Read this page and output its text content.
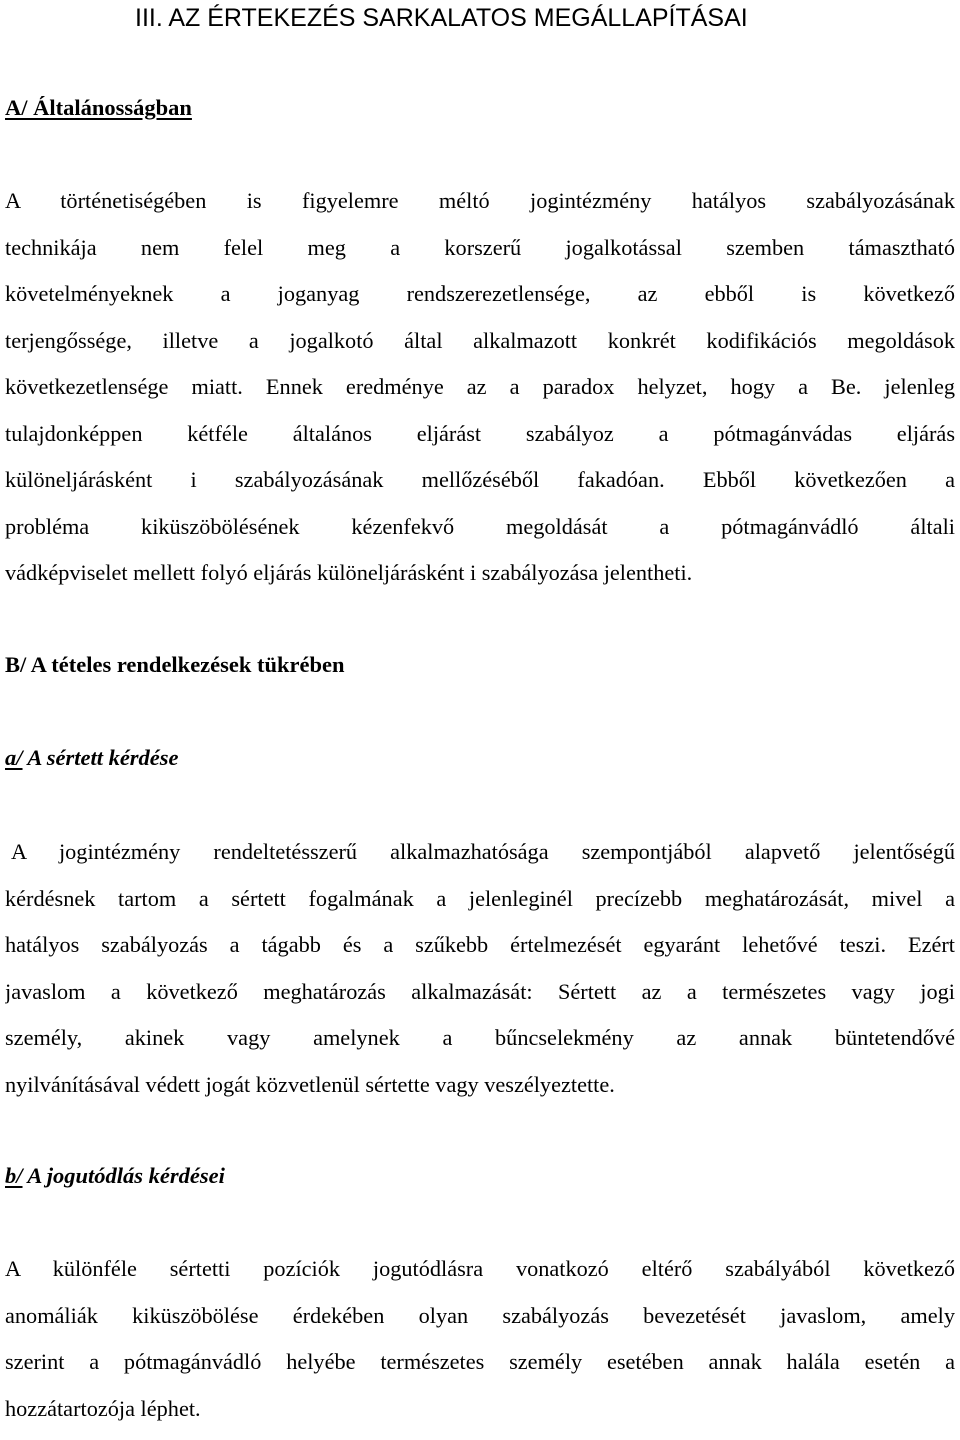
III. AZ ÉRTEKEZÉS SARKALATOS MEGÁLLAPÍTÁSAI
A/ Általánosságban
A történetiségében is figyelemre méltó jogintézmény hatályos szabályozásának
technikája nem felel meg a korszerű jogalkotással szemben támasztható
követelményeknek a joganyag rendszerezetlensége, az ebből is következő
terjengőssége, illetve a jogalkotó által alkalmazott konkrét kodifikációs megoldások
következetlensége miatt. Ennek eredménye az a paradox helyzet, hogy a Be. jelenleg
tulajdonképpen kétféle általános eljárást szabályoz a pótmagánvádas eljárás
különeljárásként i szabályozásának mellőzéséből fakadóan. Ebből következően a
probléma kiküszöbölésének kézenfekvő megoldását a pótmagánvádló általi
vádképviselet mellett folyó eljárás különeljárásként i szabályozása jelentheti.
B/ A tételes rendelkezések tükrében
a/ A sértett kérdése
A jogintézmény rendeltetésszerű alkalmazhatósága szempontjából alapvető jelentőségű
kérdésnek tartom a sértett fogalmának a jelenleginél precízebb meghatározását, mivel a
hatályos szabályozás a tágabb és a szűkebb értelmezését egyaránt lehetővé teszi. Ezért
javaslom a következő meghatározás alkalmazását: Sértett az a természetes vagy jogi
személy, akinek vagy amelynek a bűncselekmény az annak büntetendővé
nyilvánításával védett jogát közvetlenül sértette vagy veszélyeztette.
b/ A jogutódlás kérdései
A különféle sértetti pozíciók jogutódlásra vonatkozó eltérő szabályából következő
anomáliák kiküszöbölése érdekében olyan szabályozás bevezetését javaslom, amely
szerint a pótmagánvádló helyébe természetes személy esetében annak halála esetén a
hozzátartozója léphet.
